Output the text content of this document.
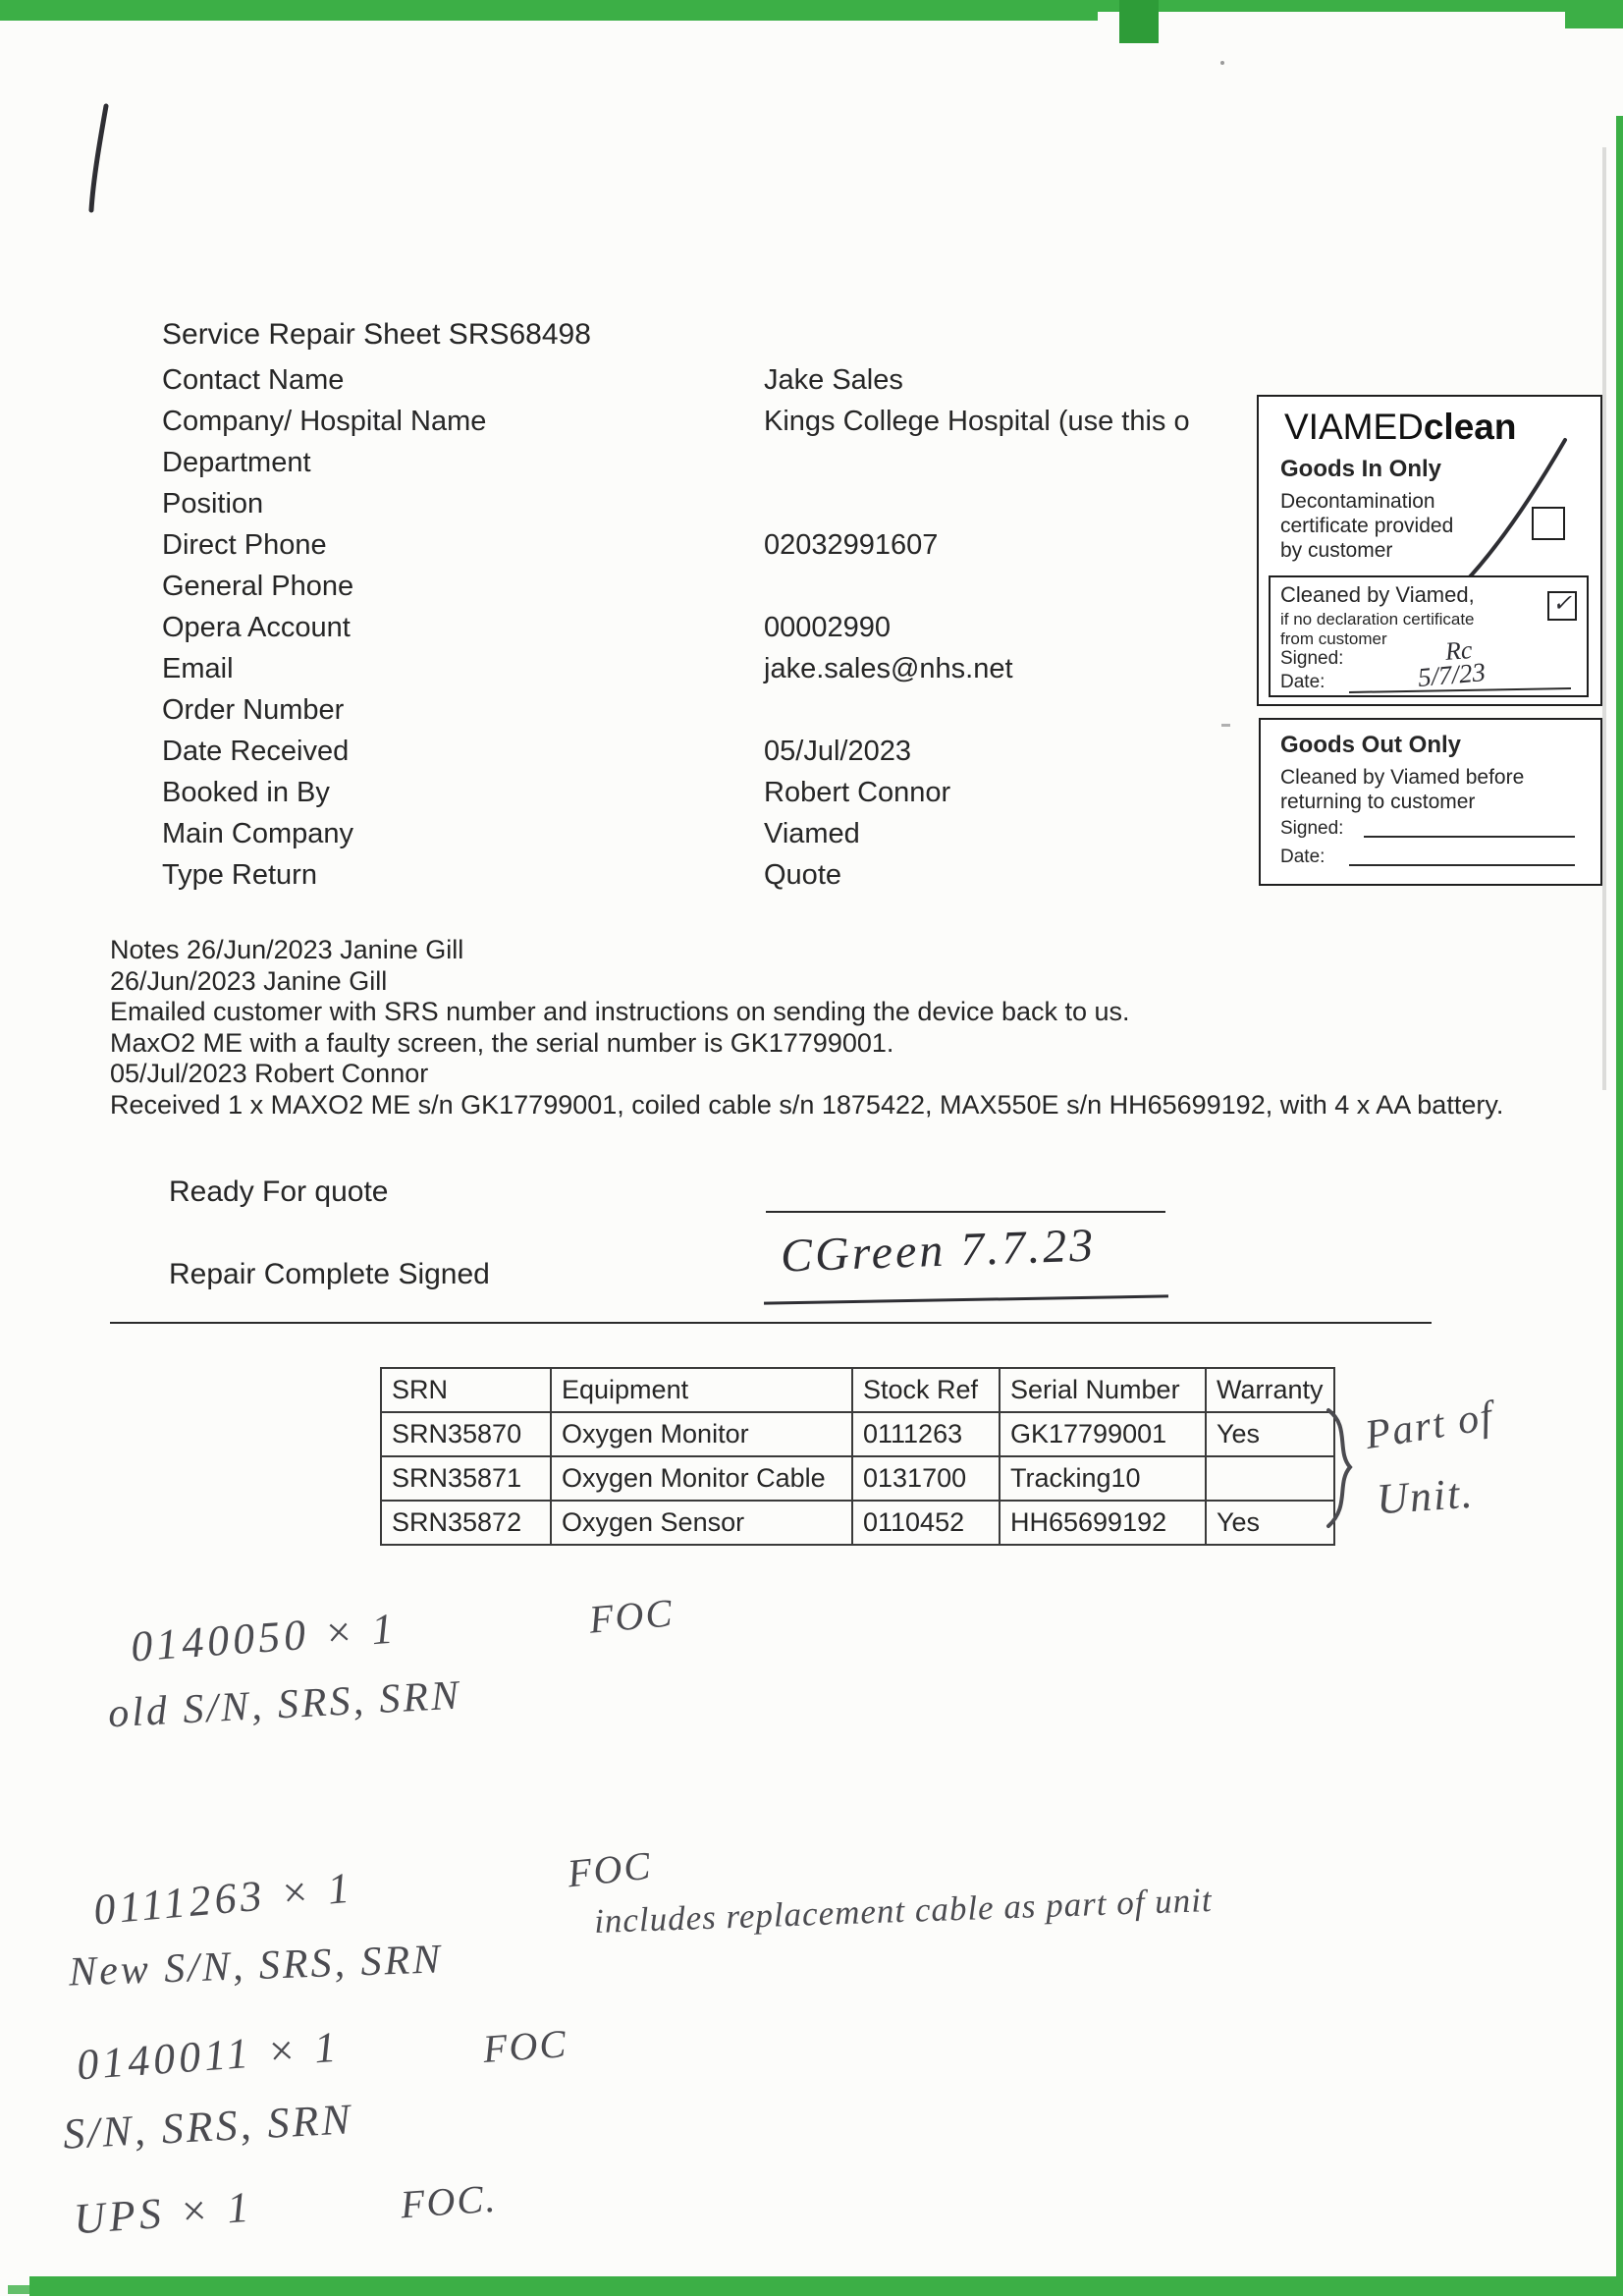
Service Repair Sheet SRS68498
Contact Name	Jake Sales
Company/ Hospital Name	Kings College Hospital (use this o
Department
Position
Direct Phone	02032991607
General Phone
Opera Account	00002990
Email	jake.sales@nhs.net
Order Number
Date Received	05/Jul/2023
Booked in By	Robert Connor
Main Company	Viamed
Type Return	Quote
VIAMEDclean
Goods In Only
Decontamination
certificate provided
by customer
Cleaned by Viamed,
if no declaration certificate
from customer
✓
Signed:	Rc
Date:	5/7/23
Goods Out Only
Cleaned by Viamed before
returning to customer
Signed:
Date:
Notes 26/Jun/2023 Janine Gill
26/Jun/2023 Janine Gill
Emailed customer with SRS number and instructions on sending the device back to us.
MaxO2 ME with a faulty screen, the serial number is GK17799001.
05/Jul/2023 Robert Connor
Received 1 x MAXO2 ME s/n GK17799001, coiled cable s/n 1875422, MAX550E s/n HH65699192, with 4 x AA battery.
Ready For quote
Repair Complete Signed	CGreen 7.7.23
SRN	Equipment	Stock Ref	Serial Number	Warranty
SRN35870	Oxygen Monitor	0111263	GK17799001	Yes
SRN35871	Oxygen Monitor Cable	0131700	Tracking10	
SRN35872	Oxygen Sensor	0110452	HH65699192	Yes
Part of
Unit.
0140050 × 1	FOC
old S/N, SRS, SRN
0111263 × 1	FOC
includes replacement cable as part of unit
New S/N, SRS, SRN
0140011 × 1	FOC
S/N, SRS, SRN
UPS × 1	FOC.
